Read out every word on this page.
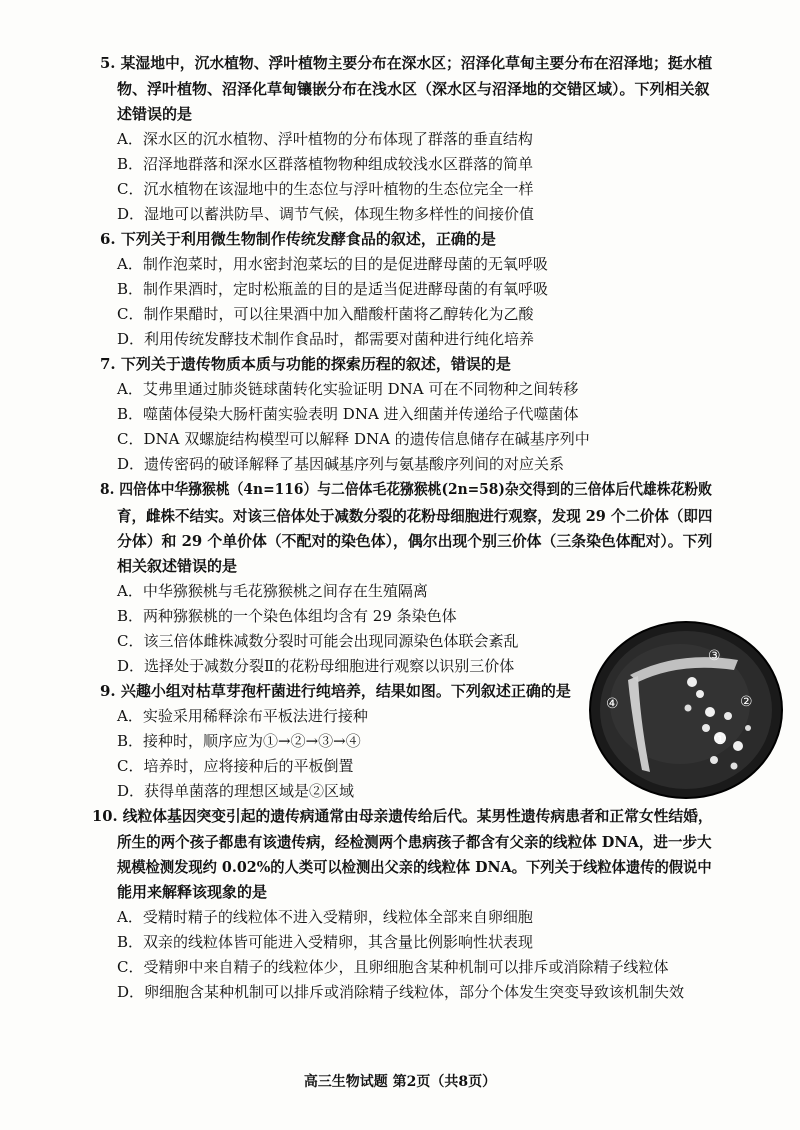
5. 某湿地中，沉水植物、浮叶植物主要分布在深水区；沼泽化草甸主要分布在沼泽地；挺水植
物、浮叶植物、沼泽化草甸镶嵌分布在浅水区（深水区与沼泽地的交错区域）。下列相关叙
述错误的是
A．深水区的沉水植物、浮叶植物的分布体现了群落的垂直结构
B．沼泽地群落和深水区群落植物物种组成较浅水区群落的简单
C．沉水植物在该湿地中的生态位与浮叶植物的生态位完全一样
D．湿地可以蓄洪防旱、调节气候，体现生物多样性的间接价值
6. 下列关于利用微生物制作传统发酵食品的叙述，正确的是
A．制作泡菜时，用水密封泡菜坛的目的是促进酵母菌的无氧呼吸
B．制作果酒时，定时松瓶盖的目的是适当促进酵母菌的有氧呼吸
C．制作果醋时，可以往果酒中加入醋酸杆菌将乙醇转化为乙酸
D．利用传统发酵技术制作食品时，都需要对菌种进行纯化培养
7. 下列关于遗传物质本质与功能的探索历程的叙述，错误的是
A．艾弗里通过肺炎链球菌转化实验证明 DNA 可在不同物种之间转移
B．噬菌体侵染大肠杆菌实验表明 DNA 进入细菌并传递给子代噬菌体
C．DNA 双螺旋结构模型可以解释 DNA 的遗传信息储存在碱基序列中
D．遗传密码的破译解释了基因碱基序列与氨基酸序列间的对应关系
8. 四倍体中华猕猴桃（4n=116）与二倍体毛花猕猴桃(2n=58)杂交得到的三倍体后代雄株花粉败
育，雌株不结实。对该三倍体处于减数分裂的花粉母细胞进行观察，发现 29 个二价体（即四
分体）和 29 个单价体（不配对的染色体），偶尔出现个别三价体（三条染色体配对）。下列
相关叙述错误的是
A．中华猕猴桃与毛花猕猴桃之间存在生殖隔离
B．两种猕猴桃的一个染色体组均含有 29 条染色体
C．该三倍体雌株减数分裂时可能会出现同源染色体联会紊乱
D．选择处于减数分裂Ⅱ的花粉母细胞进行观察以识别三价体
9. 兴趣小组对枯草芽孢杆菌进行纯培养，结果如图。下列叙述正确的是
A．实验采用稀释涂布平板法进行接种
B．接种时，顺序应为①→②→③→④
C．培养时，应将接种后的平板倒置
D．获得单菌落的理想区域是②区域
③
④	②
①
10. 线粒体基因突变引起的遗传病通常由母亲遗传给后代。某男性遗传病患者和正常女性结婚，
所生的两个孩子都患有该遗传病，经检测两个患病孩子都含有父亲的线粒体 DNA，进一步大
规模检测发现约 0.02%的人类可以检测出父亲的线粒体 DNA。下列关于线粒体遗传的假说中
能用来解释该现象的是
A．受精时精子的线粒体不进入受精卵，线粒体全部来自卵细胞
B．双亲的线粒体皆可能进入受精卵，其含量比例影响性状表现
C．受精卵中来自精子的线粒体少，且卵细胞含某种机制可以排斥或消除精子线粒体
D．卵细胞含某种机制可以排斥或消除精子线粒体，部分个体发生突变导致该机制失效
高三生物试题 第2页（共8页）
